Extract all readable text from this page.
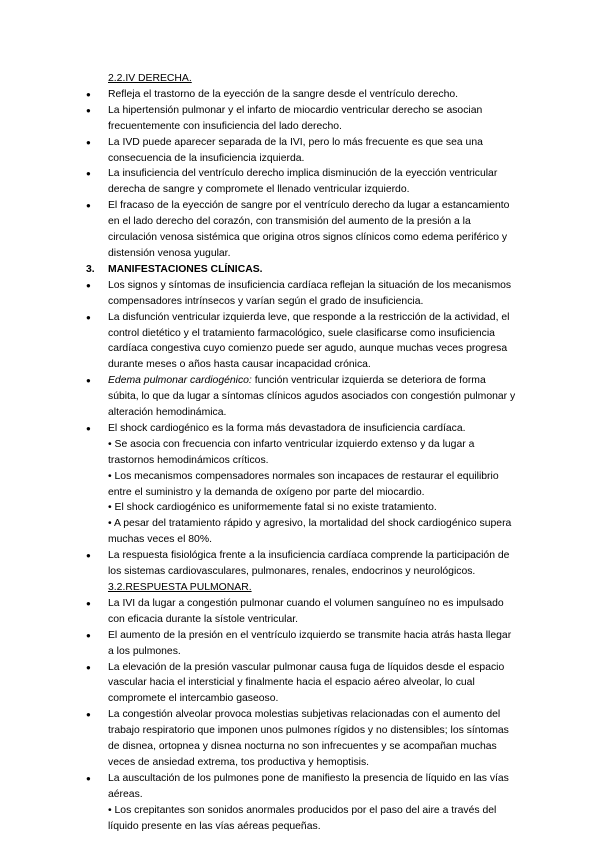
2.2.IV DERECHA.
● Refleja el trastorno de la eyección de la sangre desde el ventrículo derecho.
● La hipertensión pulmonar y el infarto de miocardio ventricular derecho se asocian frecuentemente con insuficiencia del lado derecho.
● La IVD puede aparecer separada de la IVI, pero lo más frecuente es que sea una consecuencia de la insuficiencia izquierda.
● La insuficiencia del ventrículo derecho implica disminución de la eyección ventricular derecha de sangre y compromete el llenado ventricular izquierdo.
● El fracaso de la eyección de sangre por el ventrículo derecho da lugar a estancamiento en el lado derecho del corazón, con transmisión del aumento de la presión a la circulación venosa sistémica que origina otros signos clínicos como edema periférico y distensión venosa yugular.
3. MANIFESTACIONES CLÍNICAS.
● Los signos y síntomas de insuficiencia cardíaca reflejan la situación de los mecanismos compensadores intrínsecos y varían según el grado de insuficiencia.
● La disfunción ventricular izquierda leve, que responde a la restricción de la actividad, el control dietético y el tratamiento farmacológico, suele clasificarse como insuficiencia cardíaca congestiva cuyo comienzo puede ser agudo, aunque muchas veces progresa durante meses o años hasta causar incapacidad crónica.
● Edema pulmonar cardiogénico: función ventricular izquierda se deteriora de forma súbita, lo que da lugar a síntomas clínicos agudos asociados con congestión pulmonar y alteración hemodinámica.
● El shock cardiogénico es la forma más devastadora de insuficiencia cardíaca.
• Se asocia con frecuencia con infarto ventricular izquierdo extenso y da lugar a trastornos hemodinámicos críticos.
• Los mecanismos compensadores normales son incapaces de restaurar el equilibrio entre el suministro y la demanda de oxígeno por parte del miocardio.
• El shock cardiogénico es uniformemente fatal si no existe tratamiento.
• A pesar del tratamiento rápido y agresivo, la mortalidad del shock cardiogénico supera muchas veces el 80%.
● La respuesta fisiológica frente a la insuficiencia cardíaca comprende la participación de los sistemas cardiovasculares, pulmonares, renales, endocrinos y neurológicos.
3.2.RESPUESTA PULMONAR.
● La IVI da lugar a congestión pulmonar cuando el volumen sanguíneo no es impulsado con eficacia durante la sístole ventricular.
● El aumento de la presión en el ventrículo izquierdo se transmite hacia atrás hasta llegar a los pulmones.
● La elevación de la presión vascular pulmonar causa fuga de líquidos desde el espacio vascular hacia el intersticial y finalmente hacia el espacio aéreo alveolar, lo cual compromete el intercambio gaseoso.
● La congestión alveolar provoca molestias subjetivas relacionadas con el aumento del trabajo respiratorio que imponen unos pulmones rígidos y no distensibles; los síntomas de disnea, ortopnea y disnea nocturna no son infrecuentes y se acompañan muchas veces de ansiedad extrema, tos productiva y hemoptisis.
● La auscultación de los pulmones pone de manifiesto la presencia de líquido en las vías aéreas.
• Los crepitantes son sonidos anormales producidos por el paso del aire a través del líquido presente en las vías aéreas pequeñas.
